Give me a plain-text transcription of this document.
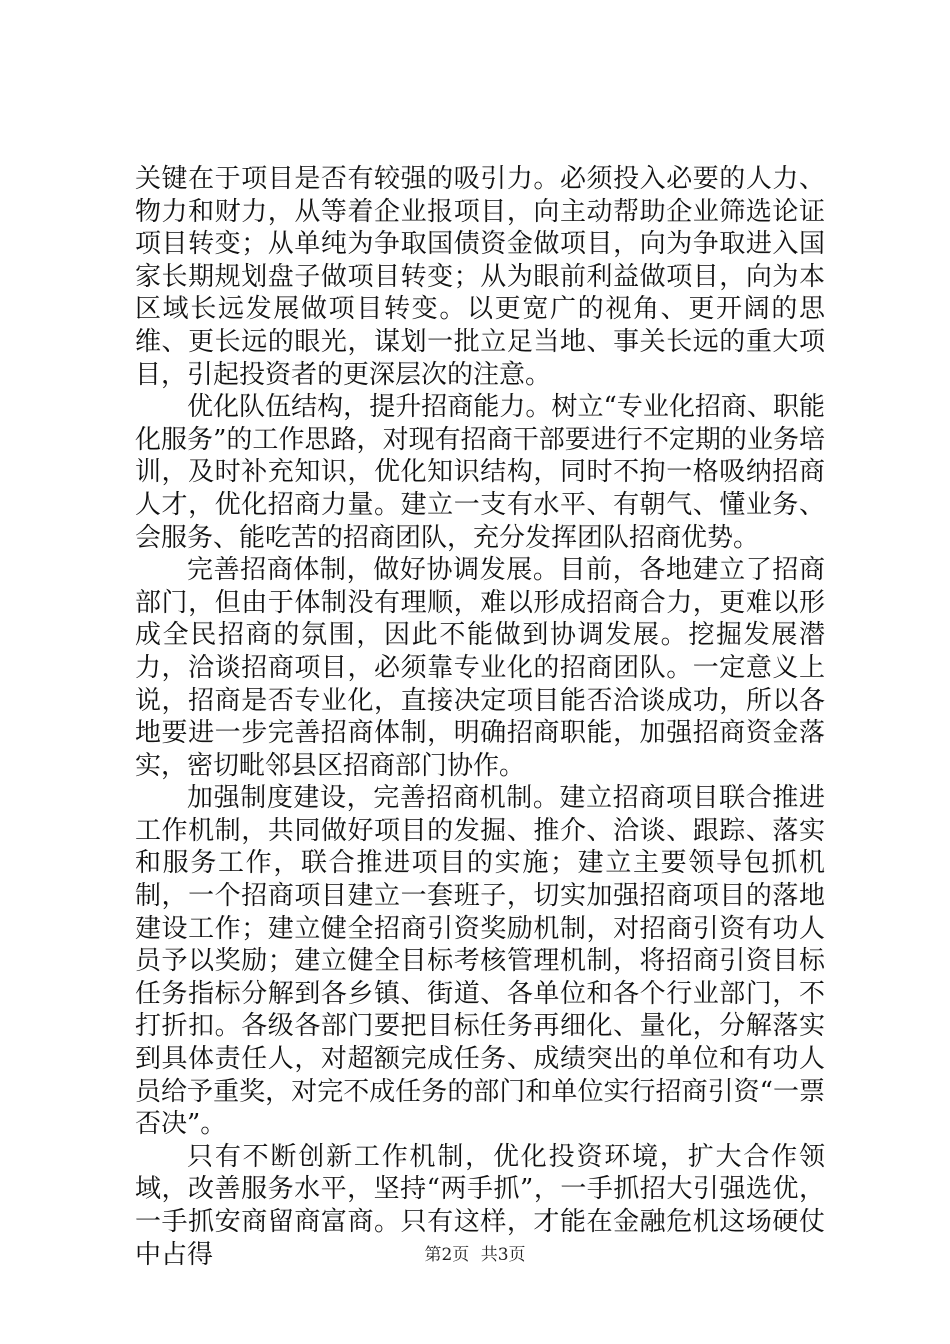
关键在于项目是否有较强的吸引力。必须投入必要的人力、物力和财力，从等着企业报项目，向主动帮助企业筛选论证项目转变；从单纯为争取国债资金做项目，向为争取进入国家长期规划盘子做项目转变；从为眼前利益做项目，向为本区域长远发展做项目转变。以更宽广的视角、更开阔的思维、更长远的眼光，谋划一批立足当地、事关长远的重大项目，引起投资者的更深层次的注意。

优化队伍结构，提升招商能力。树立“专业化招商、职能化服务”的工作思路，对现有招商干部要进行不定期的业务培训，及时补充知识，优化知识结构，同时不拘一格吸纳招商人才，优化招商力量。建立一支有水平、有朝气、懂业务、会服务、能吃苦的招商团队，充分发挥团队招商优势。

完善招商体制，做好协调发展。目前，各地建立了招商部门，但由于体制没有理顺，难以形成招商合力，更难以形成全民招商的氛围，因此不能做到协调发展。挖掘发展潜力，洽谈招商项目，必须靠专业化的招商团队。一定意义上说，招商是否专业化，直接决定项目能否洽谈成功，所以各地要进一步完善招商体制，明确招商职能，加强招商资金落实，密切毗邻县区招商部门协作。

加强制度建设，完善招商机制。建立招商项目联合推进工作机制，共同做好项目的发掘、推介、洽谈、跟踪、落实和服务工作，联合推进项目的实施；建立主要领导包抓机制，一个招商项目建立一套班子，切实加强招商项目的落地建设工作；建立健全招商引资奖励机制，对招商引资有功人员予以奖励；建立健全目标考核管理机制，将招商引资目标任务指标分解到各乡镇、街道、各单位和各个行业部门，不打折扣。各级各部门要把目标任务再细化、量化，分解落实到具体责任人，对超额完成任务、成绩突出的单位和有功人员给予重奖，对完不成任务的部门和单位实行招商引资“一票否决”。

只有不断创新工作机制，优化投资环境，扩大合作领域，改善服务水平，坚持“两手抓”，一手抓招大引强选优，一手抓安商留商富商。只有这样，才能在金融危机这场硬仗中占得	第2页 共3页
